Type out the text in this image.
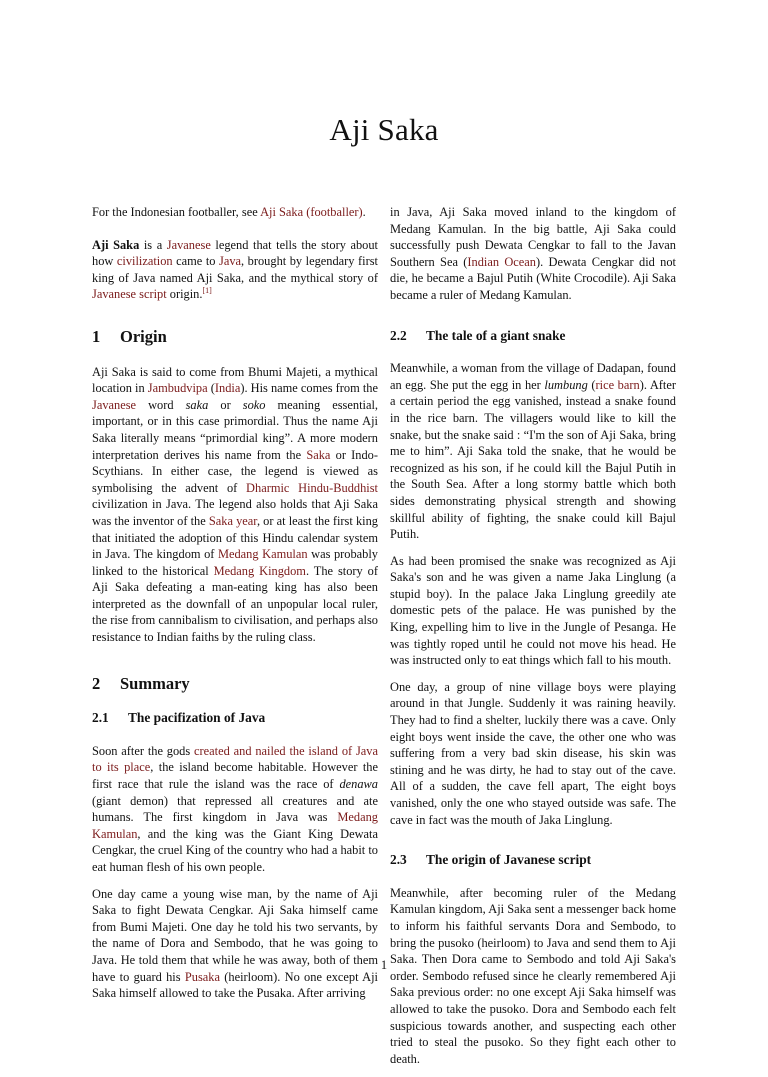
Aji Saka

For the Indonesian footballer, see Aji Saka (footballer).

Aji Saka is a Javanese legend that tells the story about how civilization came to Java, brought by legendary first king of Java named Aji Saka, and the mythical story of Javanese script origin.[1]

1 Origin

Aji Saka is said to come from Bhumi Majeti, a mythical location in Jambudvipa (India). His name comes from the Javanese word saka or soko meaning essential, important, or in this case primordial. Thus the name Aji Saka literally means “primordial king”. A more modern interpretation derives his name from the Saka or Indo-Scythians. In either case, the legend is viewed as symbolising the advent of Dharmic Hindu-Buddhist civilization in Java. The legend also holds that Aji Saka was the inventor of the Saka year, or at least the first king that initiated the adoption of this Hindu calendar system in Java. The kingdom of Medang Kamulan was probably linked to the historical Medang Kingdom. The story of Aji Saka defeating a man-eating king has also been interpreted as the downfall of an unpopular local ruler, the rise from cannibalism to civilisation, and perhaps also resistance to Indian faiths by the ruling class.

2 Summary
2.1 The pacifization of Java

Soon after the gods created and nailed the island of Java to its place, the island become habitable. However the first race that rule the island was the race of denawa (giant demon) that repressed all creatures and ate humans. The first kingdom in Java was Medang Kamulan, and the king was the Giant King Dewata Cengkar, the cruel King of the country who had a habit to eat human flesh of his own people.

One day came a young wise man, by the name of Aji Saka to fight Dewata Cengkar. Aji Saka himself came from Bumi Majeti. One day he told his two servants, by the name of Dora and Sembodo, that he was going to Java. He told them that while he was away, both of them have to guard his Pusaka (heirloom). No one except Aji Saka himself allowed to take the Pusaka. After arriving

in Java, Aji Saka moved inland to the kingdom of Medang Kamulan. In the big battle, Aji Saka could successfully push Dewata Cengkar to fall to the Javan Southern Sea (Indian Ocean). Dewata Cengkar did not die, he became a Bajul Putih (White Crocodile). Aji Saka became a ruler of Medang Kamulan.

2.2 The tale of a giant snake

Meanwhile, a woman from the village of Dadapan, found an egg. She put the egg in her lumbung (rice barn). After a certain period the egg vanished, instead a snake found in the rice barn. The villagers would like to kill the snake, but the snake said : “I'm the son of Aji Saka, bring me to him”. Aji Saka told the snake, that he would be recognized as his son, if he could kill the Bajul Putih in the South Sea. After a long stormy battle which both sides demonstrating physical strength and showing skillful ability of fighting, the snake could kill Bajul Putih.

As had been promised the snake was recognized as Aji Saka's son and he was given a name Jaka Linglung (a stupid boy). In the palace Jaka Linglung greedily ate domestic pets of the palace. He was punished by the King, expelling him to live in the Jungle of Pesanga. He was tightly roped until he could not move his head. He was instructed only to eat things which fall to his mouth.

One day, a group of nine village boys were playing around in that Jungle. Suddenly it was raining heavily. They had to find a shelter, luckily there was a cave. Only eight boys went inside the cave, the other one who was suffering from a very bad skin disease, his skin was stining and he was dirty, he had to stay out of the cave. All of a sudden, the cave fell apart, The eight boys vanished, only the one who stayed outside was safe. The cave in fact was the mouth of Jaka Linglung.

2.3 The origin of Javanese script

Meanwhile, after becoming ruler of the Medang Kamulan kingdom, Aji Saka sent a messenger back home to inform his faithful servants Dora and Sembodo, to bring the pusoko (heirloom) to Java and send them to Aji Saka. Then Dora came to Sembodo and told Aji Saka's order. Sembodo refused since he clearly remembered Aji Saka previous order: no one except Aji Saka himself was allowed to take the pusoko. Dora and Sembodo each felt suspicious towards another, and suspecting each other tried to steal the pusoko. So they fight each other to death.

1
